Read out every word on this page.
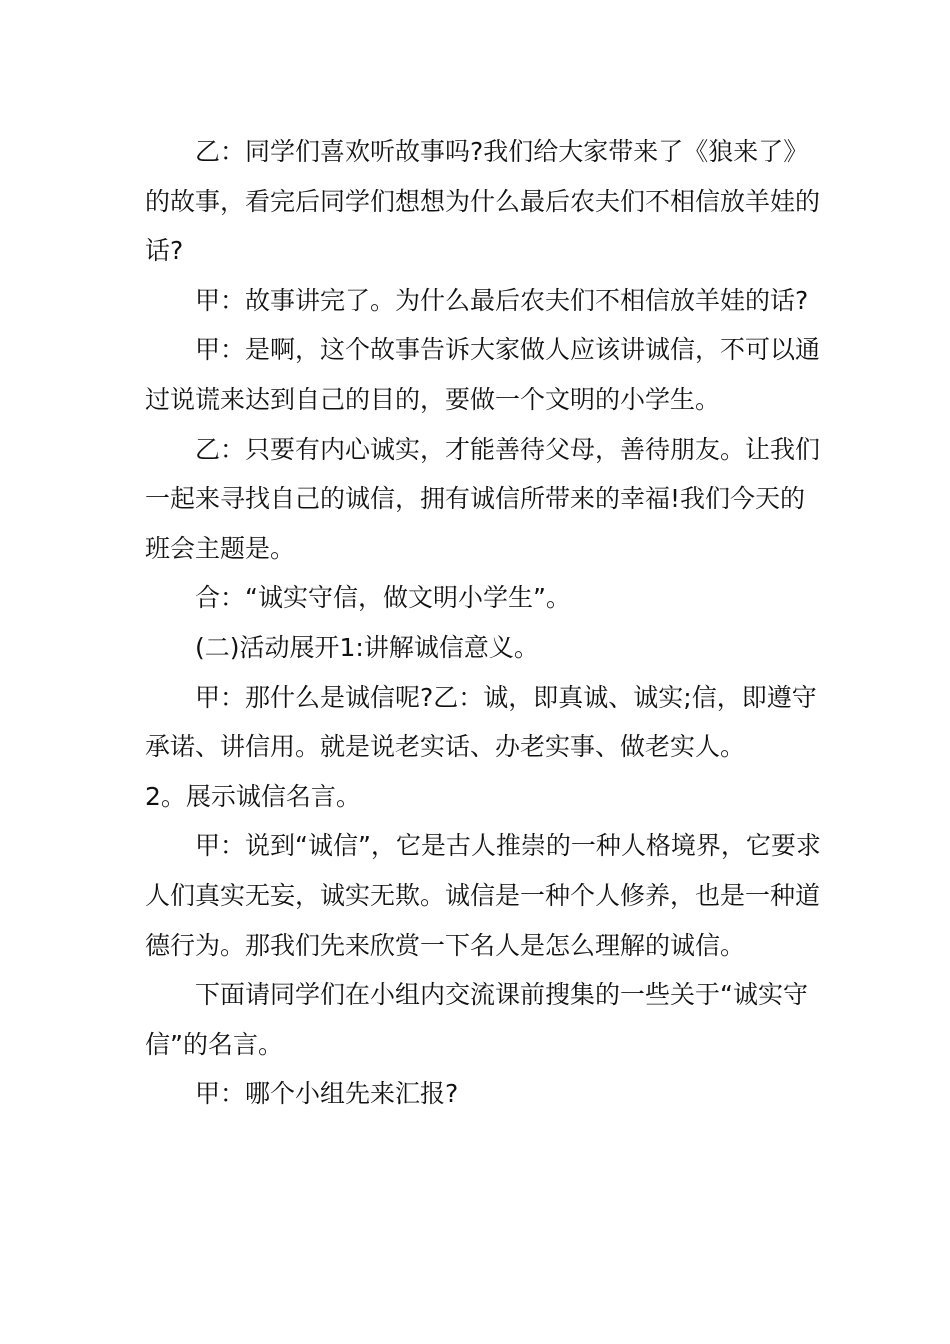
乙：同学们喜欢听故事吗?我们给大家带来了《狼来了》的故事，看完后同学们想想为什么最后农夫们不相信放羊娃的话?

甲：故事讲完了。为什么最后农夫们不相信放羊娃的话?

甲：是啊，这个故事告诉大家做人应该讲诚信，不可以通过说谎来达到自己的目的，要做一个文明的小学生。

乙：只要有内心诚实，才能善待父母，善待朋友。让我们一起来寻找自己的诚信，拥有诚信所带来的幸福!我们今天的班会主题是。

合：“诚实守信，做文明小学生”。

(二)活动展开1:讲解诚信意义。

甲：那什么是诚信呢?乙：诚，即真诚、诚实;信，即遵守承诺、讲信用。就是说老实话、办老实事、做老实人。

2。展示诚信名言。

甲：说到“诚信”，它是古人推崇的一种人格境界，它要求人们真实无妄，诚实无欺。诚信是一种个人修养，也是一种道德行为。那我们先来欣赏一下名人是怎么理解的诚信。

下面请同学们在小组内交流课前搜集的一些关于“诚实守信”的名言。

甲：哪个小组先来汇报?
